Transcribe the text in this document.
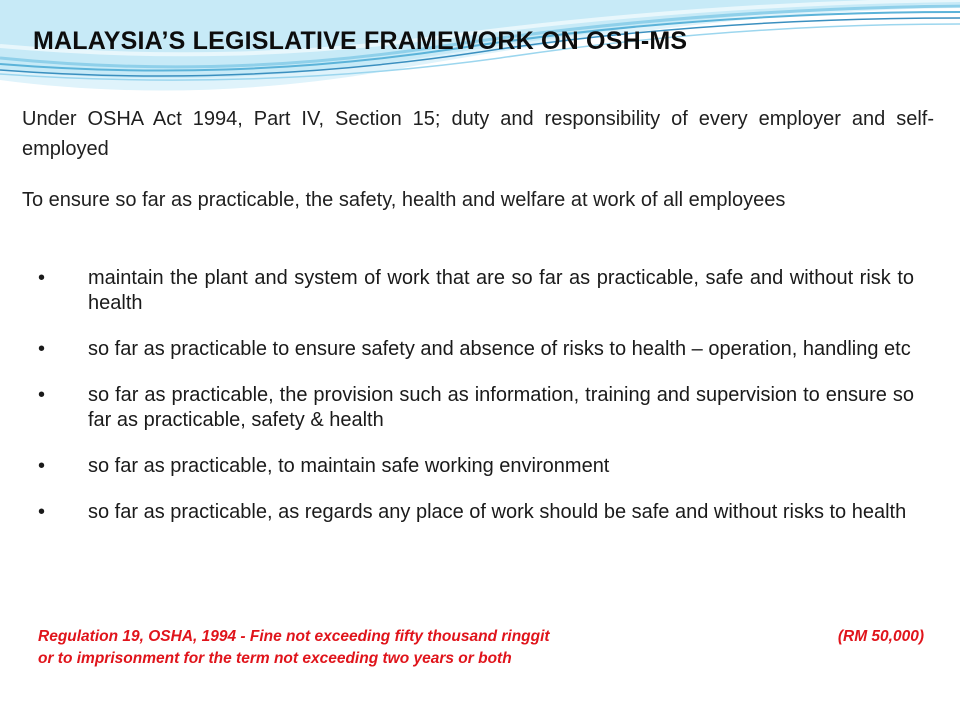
MALAYSIA’S LEGISLATIVE FRAMEWORK ON OSH-MS
Under OSHA Act 1994, Part IV, Section 15; duty and responsibility of every employer and self-employed
To ensure so far as practicable, the safety, health and welfare at work of all employees
• maintain the plant and system of work that are so far as practicable, safe and without risk to health
• so far as practicable to ensure safety and absence of risks to health – operation, handling etc
• so far as practicable, the provision such as information, training and supervision to ensure so far as practicable, safety & health
• so far as practicable, to maintain safe working environment
• so far as practicable, as regards any place of work should be safe and without risks to health
Regulation 19, OSHA, 1994 - Fine not exceeding fifty thousand ringgit	(RM 50,000)
or to imprisonment for the term not exceeding two years or both
